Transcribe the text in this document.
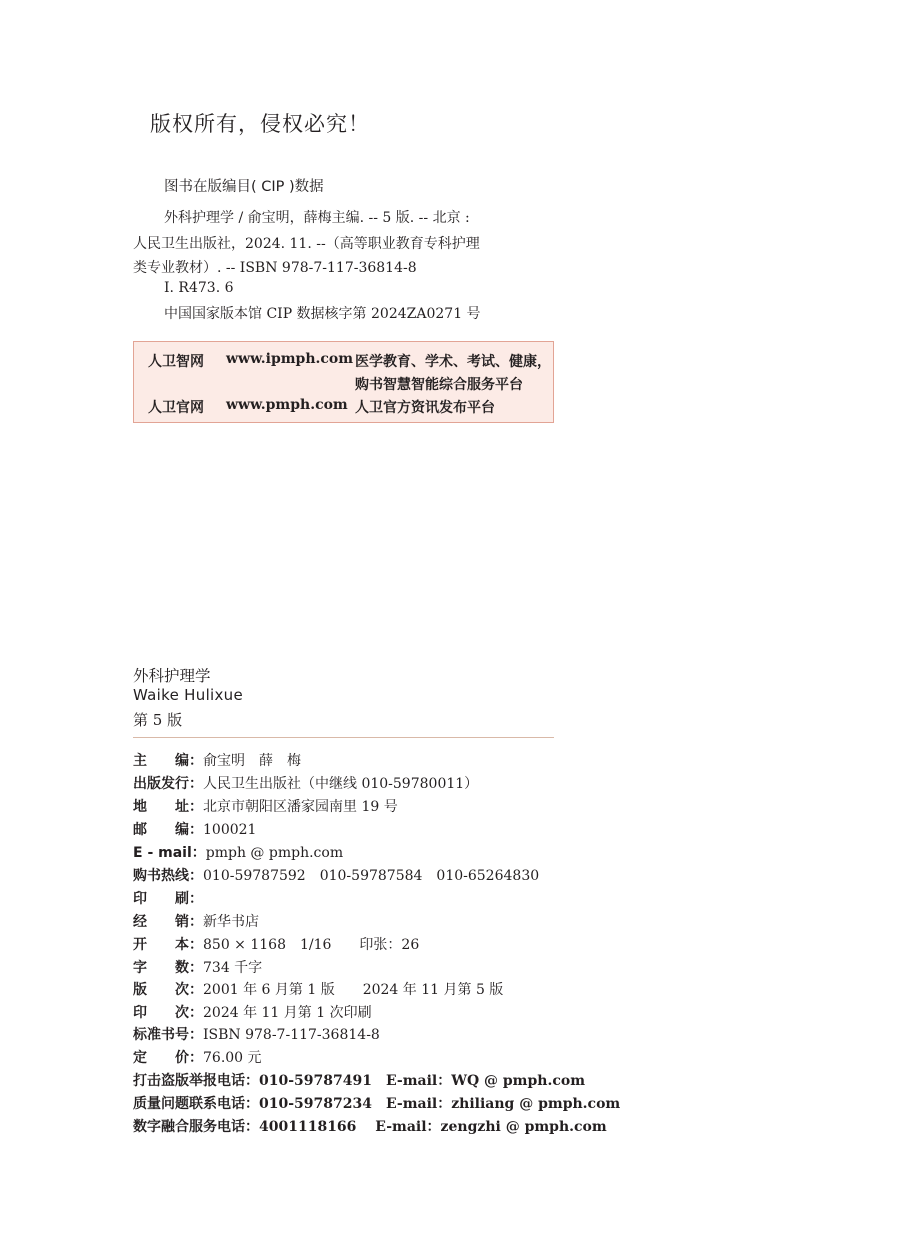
版权所有，侵权必究！
图书在版编目( CIP )数据
外科护理学 / 俞宝明，薛梅主编. -- 5 版. -- 北京 :
人民卫生出版社，2024. 11. --（高等职业教育专科护理
类专业教材）. -- ISBN 978-7-117-36814-8
Ⅰ. R473. 6
中国国家版本馆 CIP 数据核字第 2024ZA0271 号
人卫智网 www.ipmph.com 医学教育、学术、考试、健康，
购书智慧智能综合服务平台
人卫官网 www.pmph.com 人卫官方资讯发布平台
外科护理学
Waike Hulixue
第 5 版
主　　编：俞宝明　薛　梅
出版发行：人民卫生出版社（中继线 010-59780011）
地　　址：北京市朝阳区潘家园南里 19 号
邮　　编：100021
E - mail：pmph @ pmph.com
购书热线：010-59787592　010-59787584　010-65264830
印　　刷：
经　　销：新华书店
开　　本：850 × 1168　1/16　　印张：26
字　　数：734 千字
版　　次：2001 年 6 月第 1 版　　2024 年 11 月第 5 版
印　　次：2024 年 11 月第 1 次印刷
标准书号：ISBN 978-7-117-36814-8
定　　价：76.00 元
打击盗版举报电话：010-59787491　E-mail：WQ @ pmph.com
质量问题联系电话：010-59787234　E-mail：zhiliang @ pmph.com
数字融合服务电话：4001118166　 E-mail：zengzhi @ pmph.com
